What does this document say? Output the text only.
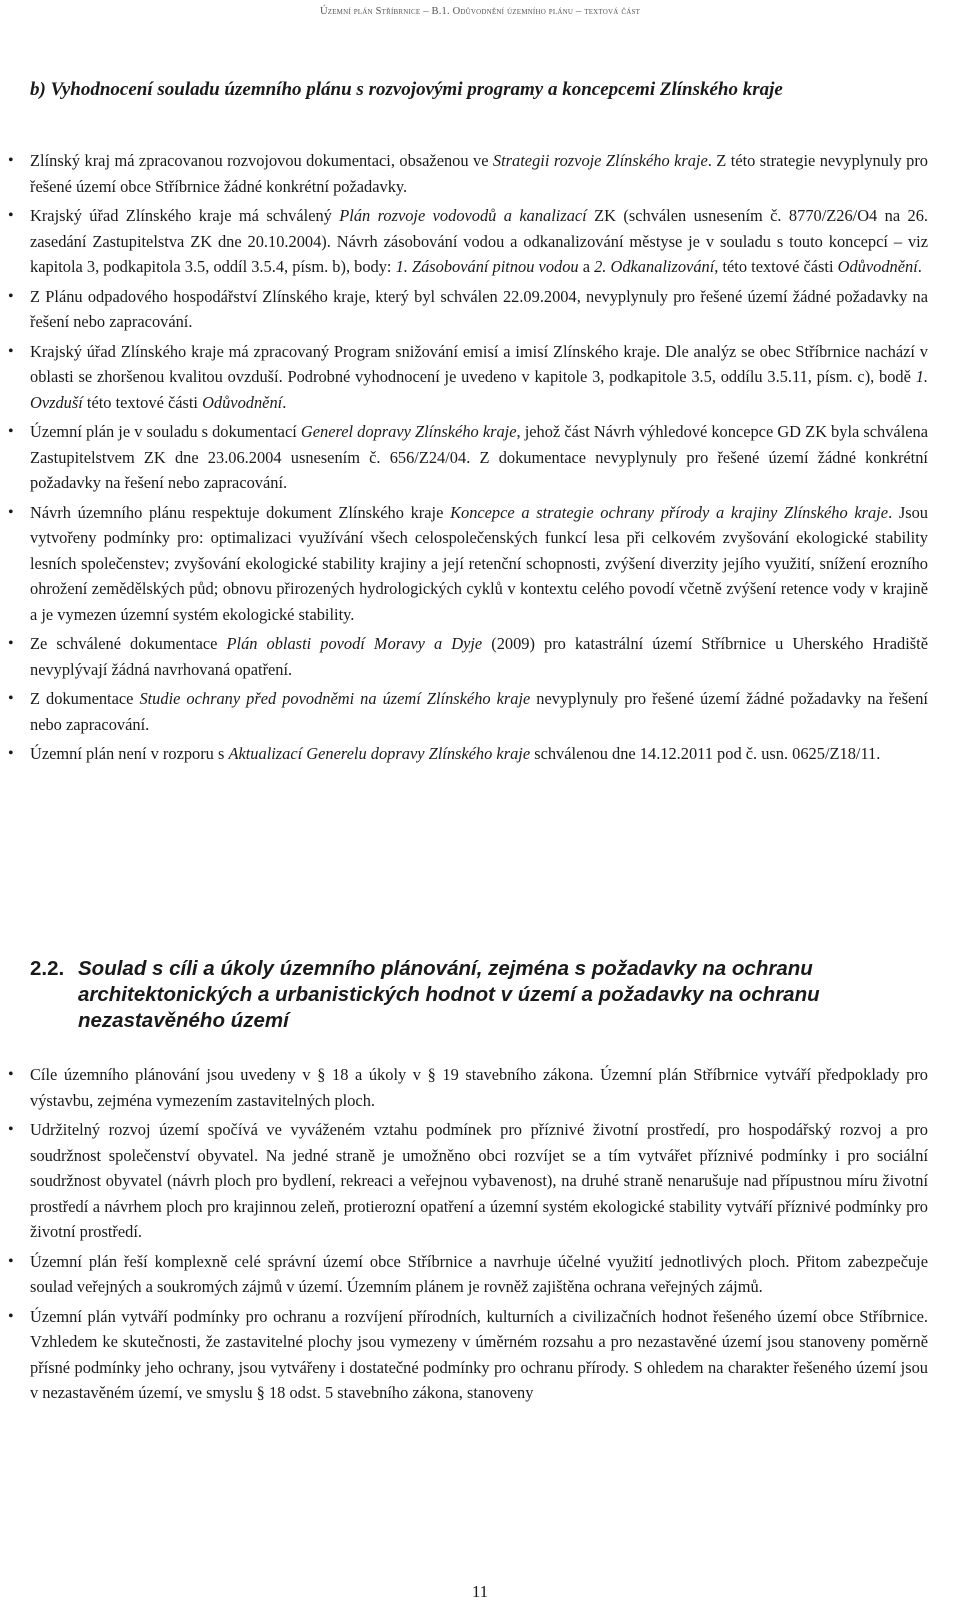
Územní plán Stříbrnice – B.1. Odůvodnění územního plánu – textová část
b) Vyhodnocení souladu územního plánu s rozvojovými programy a koncepcemi Zlínského kraje
• Zlínský kraj má zpracovanou rozvojovou dokumentaci, obsaženou ve Strategii rozvoje Zlínského kraje. Z této strategie nevyplynuly pro řešené území obce Stříbrnice žádné konkrétní požadavky.
• Krajský úřad Zlínského kraje má schválený Plán rozvoje vodovodů a kanalizací ZK (schválen usnesením č. 8770/Z26/O4 na 26. zasedání Zastupitelstva ZK dne 20.10.2004). Návrh zásobování vodou a odkanalizování městyse je v souladu s touto koncepcí – viz kapitola 3, podkapitola 3.5, oddíl 3.5.4, písm. b), body: 1. Zásobování pitnou vodou a 2. Odkanalizování, této textové části Odůvodnění.
• Z Plánu odpadového hospodářství Zlínského kraje, který byl schválen 22.09.2004, nevyplynuly pro řešené území žádné požadavky na řešení nebo zapracování.
• Krajský úřad Zlínského kraje má zpracovaný Program snižování emisí a imisí Zlínského kraje. Dle analýz se obec Stříbrnice nachází v oblasti se zhoršenou kvalitou ovzduší. Podrobné vyhodnocení je uvedeno v kapitole 3, podkapitole 3.5, oddílu 3.5.11, písm. c), bodě 1. Ovzduší této textové části Odůvodnění.
• Územní plán je v souladu s dokumentací Generel dopravy Zlínského kraje, jehož část Návrh výhledové koncepce GD ZK byla schválena Zastupitelstvem ZK dne 23.06.2004 usnesením č. 656/Z24/04. Z dokumentace nevyplynuly pro řešené území žádné konkrétní požadavky na řešení nebo zapracování.
• Návrh územního plánu respektuje dokument Zlínského kraje Koncepce a strategie ochrany přírody a krajiny Zlínského kraje. Jsou vytvořeny podmínky pro: optimalizaci využívání všech celospolečenských funkcí lesa při celkovém zvyšování ekologické stability lesních společenstev; zvyšování ekologické stability krajiny a její retenční schopnosti, zvýšení diverzity jejího využití, snížení erozního ohrožení zemědělských půd; obnovu přirozených hydrologických cyklů v kontextu celého povodí včetně zvýšení retence vody v krajině a je vymezen územní systém ekologické stability.
• Ze schválené dokumentace Plán oblasti povodí Moravy a Dyje (2009) pro katastrální území Stříbrnice u Uherského Hradiště nevyplývají žádná navrhovaná opatření.
• Z dokumentace Studie ochrany před povodněmi na území Zlínského kraje nevyplynuly pro řešené území žádné požadavky na řešení nebo zapracování.
• Územní plán není v rozporu s Aktualizací Generelu dopravy Zlínského kraje schválenou dne 14.12.2011 pod č. usn. 0625/Z18/11.
2.2. Soulad s cíli a úkoly územního plánování, zejména s požadavky na ochranu architektonických a urbanistických hodnot v území a požadavky na ochranu nezastavěného území
• Cíle územního plánování jsou uvedeny v § 18 a úkoly v § 19 stavebního zákona. Územní plán Stříbrnice vytváří předpoklady pro výstavbu, zejména vymezením zastavitelných ploch.
• Udržitelný rozvoj území spočívá ve vyváženém vztahu podmínek pro příznivé životní prostředí, pro hospodářský rozvoj a pro soudržnost společenství obyvatel. Na jedné straně je umožněno obci rozvíjet se a tím vytvářet příznivé podmínky i pro sociální soudržnost obyvatel (návrh ploch pro bydlení, rekreaci a veřejnou vybavenost), na druhé straně nenarušuje nad přípustnou míru životní prostředí a návrhem ploch pro krajinnou zeleň, protierozní opatření a územní systém ekologické stability vytváří příznivé podmínky pro životní prostředí.
• Územní plán řeší komplexně celé správní území obce Stříbrnice a navrhuje účelné využití jednotlivých ploch. Přitom zabezpečuje soulad veřejných a soukromých zájmů v území. Územním plánem je rovněž zajištěna ochrana veřejných zájmů.
• Územní plán vytváří podmínky pro ochranu a rozvíjení přírodních, kulturních a civilizačních hodnot řešeného území obce Stříbrnice. Vzhledem ke skutečnosti, že zastavitelné plochy jsou vymezeny v úměrném rozsahu a pro nezastavěné území jsou stanoveny poměrně přísné podmínky jeho ochrany, jsou vytvářeny i dostatečné podmínky pro ochranu přírody. S ohledem na charakter řešeného území jsou v nezastavěném území, ve smyslu § 18 odst. 5 stavebního zákona, stanoveny
11
